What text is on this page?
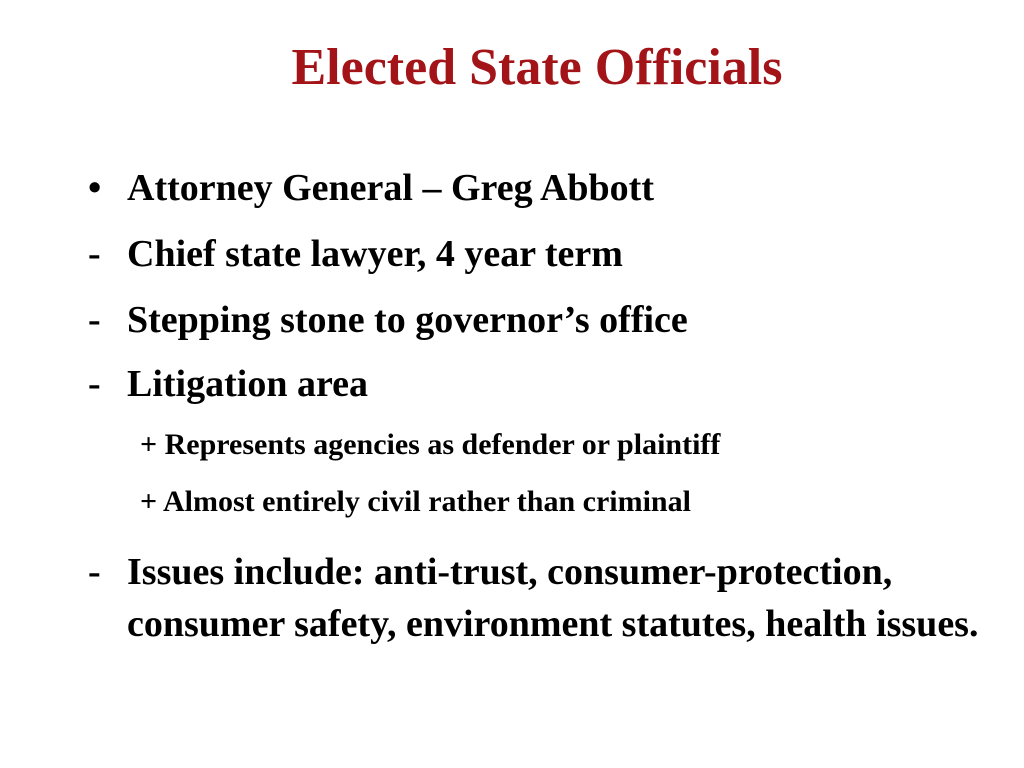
Elected State Officials
• Attorney General – Greg Abbott
- Chief state lawyer, 4 year term
- Stepping stone to governor’s office
- Litigation area
+ Represents agencies as defender or plaintiff
+ Almost entirely civil rather than criminal
- Issues include: anti-trust, consumer-protection, consumer safety, environment statutes, health issues.
